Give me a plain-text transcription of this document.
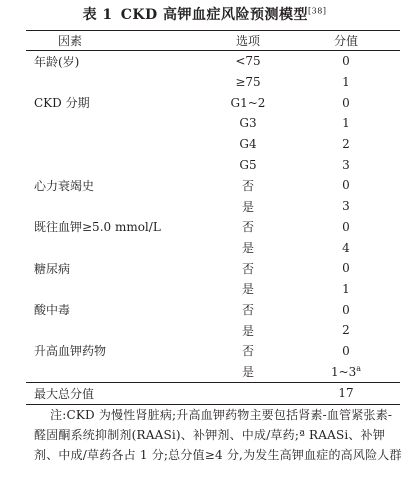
表 1 CKD 高钾血症风险预测模型[38]
因素	选项	分值
年龄(岁)	<75	0
	≥75	1
CKD 分期	G1~2	0
	G3	1
	G4	2
	G5	3
心力衰竭史	否	0
	是	3
既往血钾≥5.0 mmol/L	否	0
	是	4
糖尿病	否	0
	是	1
酸中毒	否	0
	是	2
升高血钾药物	否	0
	是	1~3$^a$
最大总分值		17
注:CKD 为慢性肾脏病;升高血钾药物主要包括肾素-血管紧张素-醛固酮系统抑制剂(RAASi)、补钾剂、中成/草药;ª RAASi、补钾剂、中成/草药各占 1 分;总分值≥4 分,为发生高钾血症的高风险人群
